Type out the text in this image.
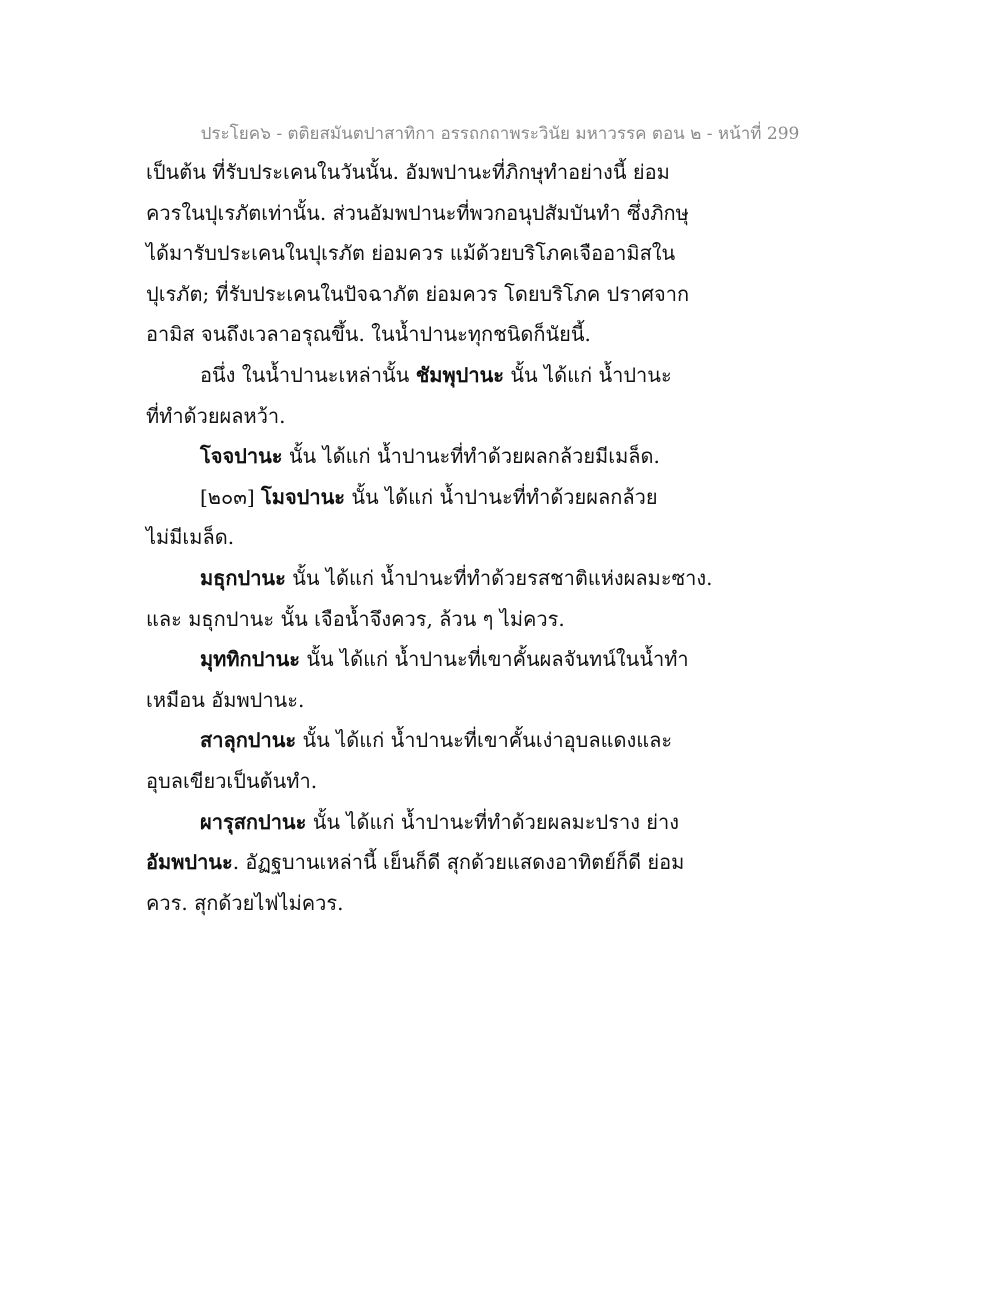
ประโยค๖ - ตติยสมันตปาสาทิกา อรรถกถาพระวินัย มหาวรรค ตอน ๒ - หน้าที่ 299
เป็นต้น ที่รับประเคนในวันนั้น. อัมพปานะที่ภิกษุทำอย่างนี้ ย่อม
ควรในปุเรภัตเท่านั้น. ส่วนอัมพปานะที่พวกอนุปสัมบันทำ ซึ่งภิกษุ
ได้มารับประเคนในปุเรภัต ย่อมควร แม้ด้วยบริโภคเจืออามิสใน
ปุเรภัต; ที่รับประเคนในปัจฉาภัต ย่อมควร โดยบริโภค ปราศจาก
อามิส จนถึงเวลาอรุณขึ้น. ในน้ำปานะทุกชนิดก็นัยนี้.
อนึ่ง ในน้ำปานะเหล่านั้น ชัมพุปานะ นั้น ได้แก่ น้ำปานะ
ที่ทำด้วยผลหว้า.
โจจปานะ นั้น ได้แก่ น้ำปานะที่ทำด้วยผลกล้วยมีเมล็ด.
[๒๐๓] โมจปานะ นั้น ได้แก่ น้ำปานะที่ทำด้วยผลกล้วย
ไม่มีเมล็ด.
มธุกปานะ นั้น ได้แก่ น้ำปานะที่ทำด้วยรสชาติแห่งผลมะซาง.
และ มธุกปานะ นั้น เจือน้ำจึงควร, ล้วน ๆ ไม่ควร.
มุททิกปานะ นั้น ได้แก่ น้ำปานะที่เขาคั้นผลจันทน์ในน้ำทำ
เหมือน อัมพปานะ.
สาลุกปานะ นั้น ได้แก่ น้ำปานะที่เขาคั้นเง่าอุบลแดงและ
อุบลเขียวเป็นต้นทำ.
ผารุสกปานะ นั้น ได้แก่ น้ำปานะที่ทำด้วยผลมะปราง ย่าง
อัมพปานะ. อัฏฐบานเหล่านี้ เย็นก็ดี สุกด้วยแสดงอาทิตย์ก็ดี ย่อม
ควร. สุกด้วยไฟไม่ควร.
